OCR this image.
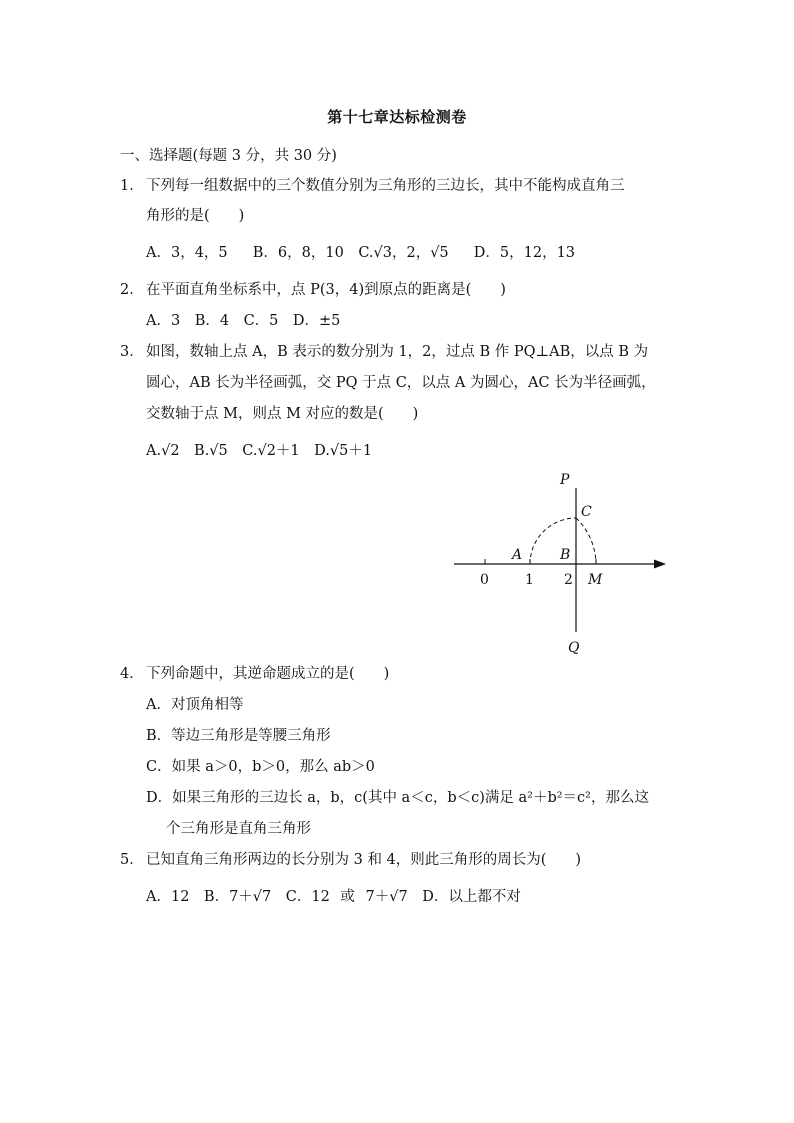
第十七章达标检测卷
一、选择题(每题 3 分，共 30 分)
1． 下列每一组数据中的三个数值分别为三角形的三边长，其中不能构成直角三
角形的是(　　)
A．3，4，5　 B．6，8，10　C.√3，2，√5　 D．5，12，13
2． 在平面直角坐标系中，点 P(3，4)到原点的距离是(　　)
A．3　B．4　C．5　D．±5
3． 如图，数轴上点 A，B 表示的数分别为 1，2，过点 B 作 PQ⊥AB，以点 B 为
圆心，AB 长为半径画弧，交 PQ 于点 C，以点 A 为圆心，AC 长为半径画弧，
交数轴于点 M，则点 M 对应的数是(　　)
A.√2　B.√5　C.√2＋1　D.√5＋1
P
C
A	B
0	1 2 M
Q
4． 下列命题中，其逆命题成立的是(　　)
A．对顶角相等
B．等边三角形是等腰三角形
C．如果 a＞0，b＞0，那么 ab＞0
D．如果三角形的三边长 a，b，c(其中 a＜c，b＜c)满足 a²＋b²＝c²，那么这
个三角形是直角三角形
5． 已知直角三角形两边的长分别为 3 和 4，则此三角形的周长为(　　)
A．12　B．7＋√7　C．12 或 7＋√7　D．以上都不对
